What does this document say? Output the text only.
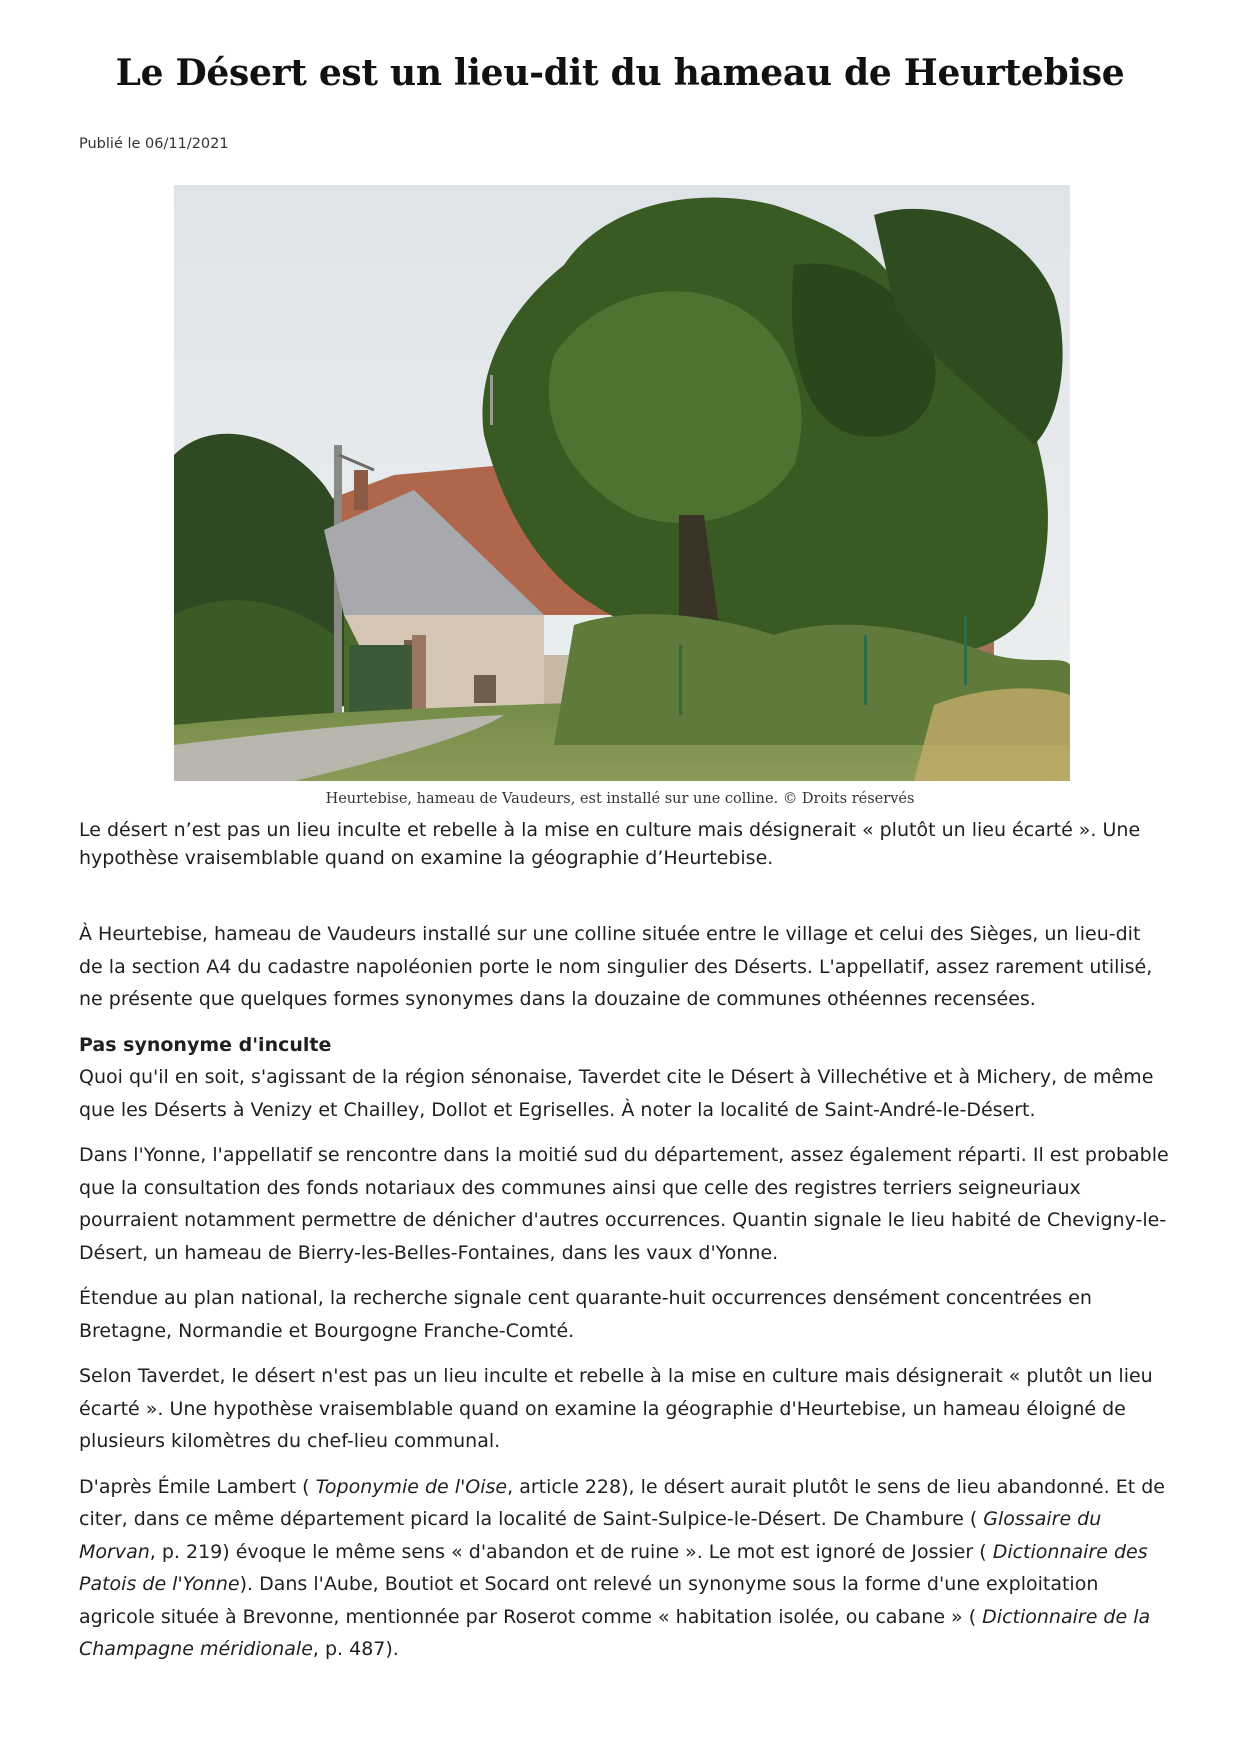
Le Désert est un lieu-dit du hameau de Heurtebise
Publié le 06/11/2021
Heurtebise, hameau de Vaudeurs, est installé sur une colline. © Droits réservés

Le désert n’est pas un lieu inculte et rebelle à la mise en culture mais désignerait « plutôt un lieu écarté ». Une hypothèse vraisemblable quand on examine la géographie d’Heurtebise.

À Heurtebise, hameau de Vaudeurs installé sur une colline située entre le village et celui des Sièges, un lieu-dit de la section A4 du cadastre napoléonien porte le nom singulier des Déserts. L'appellatif, assez rarement utilisé, ne présente que quelques formes synonymes dans la douzaine de communes othéennes recensées.

Pas synonyme d'inculte

Quoi qu'il en soit, s'agissant de la région sénonaise, Taverdet cite le Désert à Villechétive et à Michery, de même que les Déserts à Venizy et Chailley, Dollot et Egriselles. À noter la localité de Saint-André-le-Désert.

Dans l'Yonne, l'appellatif se rencontre dans la moitié sud du département, assez également réparti. Il est probable que la consultation des fonds notariaux des communes ainsi que celle des registres terriers seigneuriaux pourraient notamment permettre de dénicher d'autres occurrences. Quantin signale le lieu habité de Chevigny-le-Désert, un hameau de Bierry-les-Belles-Fontaines, dans les vaux d'Yonne.

Étendue au plan national, la recherche signale cent quarante-huit occurrences densément concentrées en Bretagne, Normandie et Bourgogne Franche-Comté.

Selon Taverdet, le désert n'est pas un lieu inculte et rebelle à la mise en culture mais désignerait « plutôt un lieu écarté ». Une hypothèse vraisemblable quand on examine la géographie d'Heurtebise, un hameau éloigné de plusieurs kilomètres du chef-lieu communal.

D'après Émile Lambert ( Toponymie de l'Oise, article 228), le désert aurait plutôt le sens de lieu abandonné. Et de citer, dans ce même département picard la localité de Saint-Sulpice-le-Désert. De Chambure ( Glossaire du Morvan, p. 219) évoque le même sens « d'abandon et de ruine ». Le mot est ignoré de Jossier ( Dictionnaire des Patois de l'Yonne). Dans l'Aube, Boutiot et Socard ont relevé un synonyme sous la forme d'une exploitation agricole située à Brevonne, mentionnée par Roserot comme « habitation isolée, ou cabane » ( Dictionnaire de la Champagne méridionale, p. 487).
